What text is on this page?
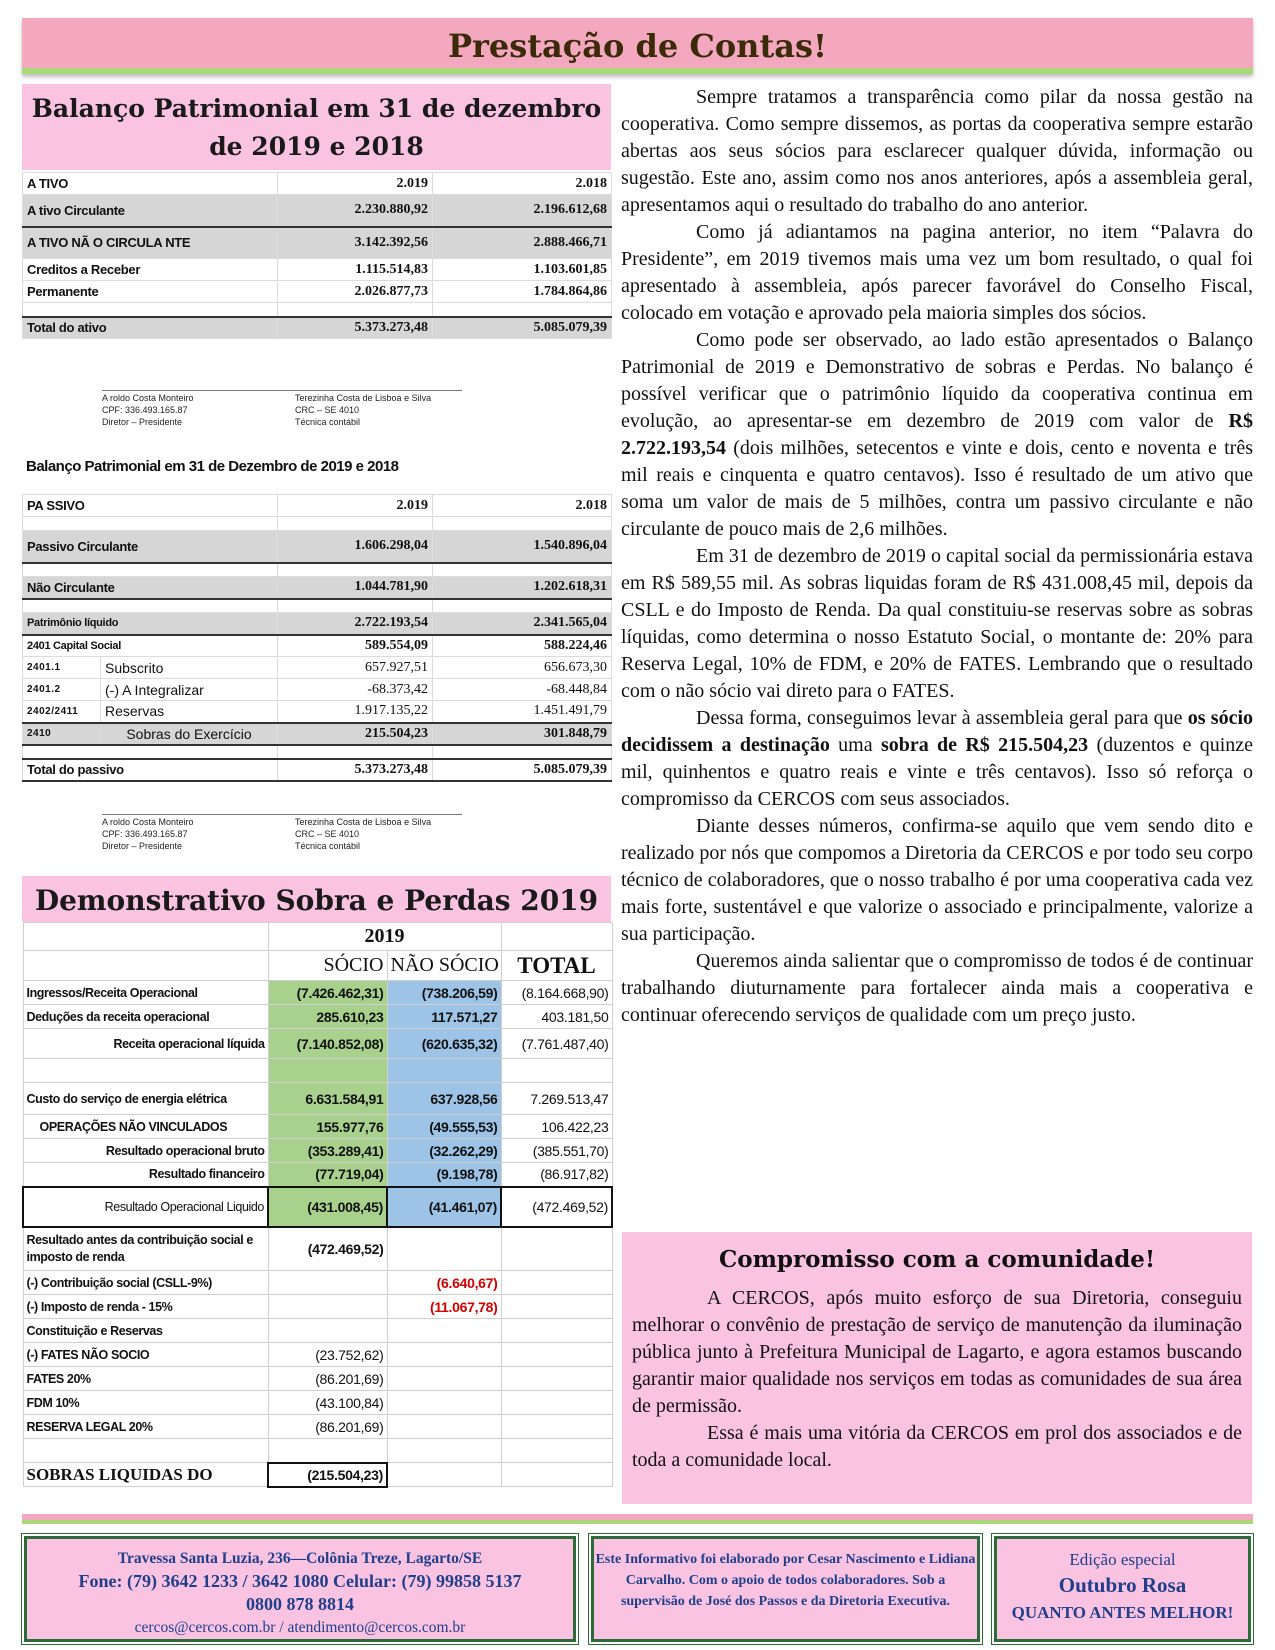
Prestação de Contas!
Balanço Patrimonial em 31 de dezembro de 2019 e 2018
A TIVO	2.019	2.018
A tivo Circulante	2.230.880,92	2.196.612,68
A TIVO NÃ O CIRCULA NTE	3.142.392,56	2.888.466,71
Creditos a Receber	1.115.514,83	1.103.601,85
Permanente	2.026.877,73	1.784.864,86

Total do ativo	5.373.273,48	5.085.079,39
A roldo Costa Monteiro
CPF: 336.493.165.87
Diretor – Presidente
Terezinha Costa de Lisboa e Silva
CRC – SE 4010
Técnica contábil
Balanço Patrimonial em 31 de Dezembro de 2019 e 2018
PA SSIVO		2.019	2.018

Passivo Circulante		1.606.298,04	1.540.896,04

Não Circulante		1.044.781,90	1.202.618,31

Patrimônio líquido		2.722.193,54	2.341.565,04
2401 Capital Social		589.554,09	588.224,46
2401.1	Subscrito	657.927,51	656.673,30
2401.2	(-) A Integralizar	-68.373,42	-68.448,84
2402/2411	Reservas	1.917.135,22	1.451.491,79
2410	Sobras do Exercício	215.504,23	301.848,79

Total do passivo		5.373.273,48	5.085.079,39
A roldo Costa Monteiro
CPF: 336.493.165.87
Diretor – Presidente
Terezinha Costa de Lisboa e Silva
CRC – SE 4010
Técnica contábil
Demonstrativo Sobra e Perdas 2019
	2019		
	SÓCIO	NÃO SÓCIO	TOTAL
Ingressos/Receita Operacional	(7.426.462,31)	(738.206,59)	(8.164.668,90)
Deduções da receita operacional	285.610,23	117.571,27	403.181,50
Receita operacional líquida	(7.140.852,08)	(620.635,32)	(7.761.487,40)

Custo do serviço de energia elétrica	6.631.584,91	637.928,56	7.269.513,47
OPERAÇÕES NÃO VINCULADOS	155.977,76	(49.555,53)	106.422,23
Resultado operacional bruto	(353.289,41)	(32.262,29)	(385.551,70)
Resultado financeiro	(77.719,04)	(9.198,78)	(86.917,82)
Resultado Operacional Liquido	(431.008,45)	(41.461,07)	(472.469,52)
Resultado antes da contribuição social e
imposto de renda	(472.469,52)		
(-) Contribuição social (CSLL-9%)		(6.640,67)	
(-) Imposto de renda - 15%		(11.067,78)	
Constituição e Reservas			
(-) FATES NÃO SOCIO	(23.752,62)		
FATES 20%	(86.201,69)		
FDM 10%	(43.100,84)		
RESERVA LEGAL 20%	(86.201,69)		

SOBRAS LIQUIDAS DO	(215.504,23)		

Sempre tratamos a transparência como pilar da nossa gestão na cooperativa. Como sempre dissemos, as portas da cooperativa sempre estarão abertas aos seus sócios para esclarecer qualquer dúvida, informação ou sugestão. Este ano, assim como nos anos anteriores, após a assembleia geral, apresentamos aqui o resultado do trabalho do ano anterior.

Como já adiantamos na pagina anterior, no item “Palavra do Presidente”, em 2019 tivemos mais uma vez um bom resultado, o qual foi apresentado à assembleia, após parecer favorável do Conselho Fiscal, colocado em votação e aprovado pela maioria simples dos sócios.

Como pode ser observado, ao lado estão apresentados o Balanço Patrimonial de 2019 e Demonstrativo de sobras e Perdas. No balanço é possível verificar que o patrimônio líquido da cooperativa continua em evolução, ao apresentar-se em dezembro de 2019 com valor de R$ 2.722.193,54 (dois milhões, setecentos e vinte e dois, cento e noventa e três mil reais e cinquenta e quatro centavos). Isso é resultado de um ativo que soma um valor de mais de 5 milhões, contra um passivo circulante e não circulante de pouco mais de 2,6 milhões.

Em 31 de dezembro de 2019 o capital social da permissionária estava em R$ 589,55 mil. As sobras liquidas foram de R$ 431.008,45 mil, depois da CSLL e do Imposto de Renda. Da qual constituiu-se reservas sobre as sobras líquidas, como determina o nosso Estatuto Social, o montante de: 20% para Reserva Legal, 10% de FDM, e 20% de FATES. Lembrando que o resultado com o não sócio vai direto para o FATES.

Dessa forma, conseguimos levar à assembleia geral para que os sócio decidissem a destinação uma sobra de R$ 215.504,23 (duzentos e quinze mil, quinhentos e quatro reais e vinte e três centavos). Isso só reforça o compromisso da CERCOS com seus associados.

Diante desses números, confirma-se aquilo que vem sendo dito e realizado por nós que compomos a Diretoria da CERCOS e por todo seu corpo técnico de colaboradores, que o nosso trabalho é por uma cooperativa cada vez mais forte, sustentável e que valorize o associado e principalmente, valorize a sua participação.

Queremos ainda salientar que o compromisso de todos é de continuar trabalhando diuturnamente para fortalecer ainda mais a cooperativa e continuar oferecendo serviços de qualidade com um preço justo.

Compromisso com a comunidade!

A CERCOS, após muito esforço de sua Diretoria, conseguiu melhorar o convênio de prestação de serviço de manutenção da iluminação pública junto à Prefeitura Municipal de Lagarto, e agora estamos buscando garantir maior qualidade nos serviços em todas as comunidades de sua área de permissão.

Essa é mais uma vitória da CERCOS em prol dos associados e de toda a comunidade local.

Travessa Santa Luzia, 236—Colônia Treze, Lagarto/SE
Fone: (79) 3642 1233 / 3642 1080 Celular: (79) 99858 5137
0800 878 8814
cercos@cercos.com.br / atendimento@cercos.com.br
Este Informativo foi elaborado por Cesar Nascimento e Lidiana Carvalho. Com o apoio de todos colaboradores. Sob a supervisão de José dos Passos e da Diretoria Executiva.
Edição especial
Outubro Rosa
QUANTO ANTES MELHOR!
